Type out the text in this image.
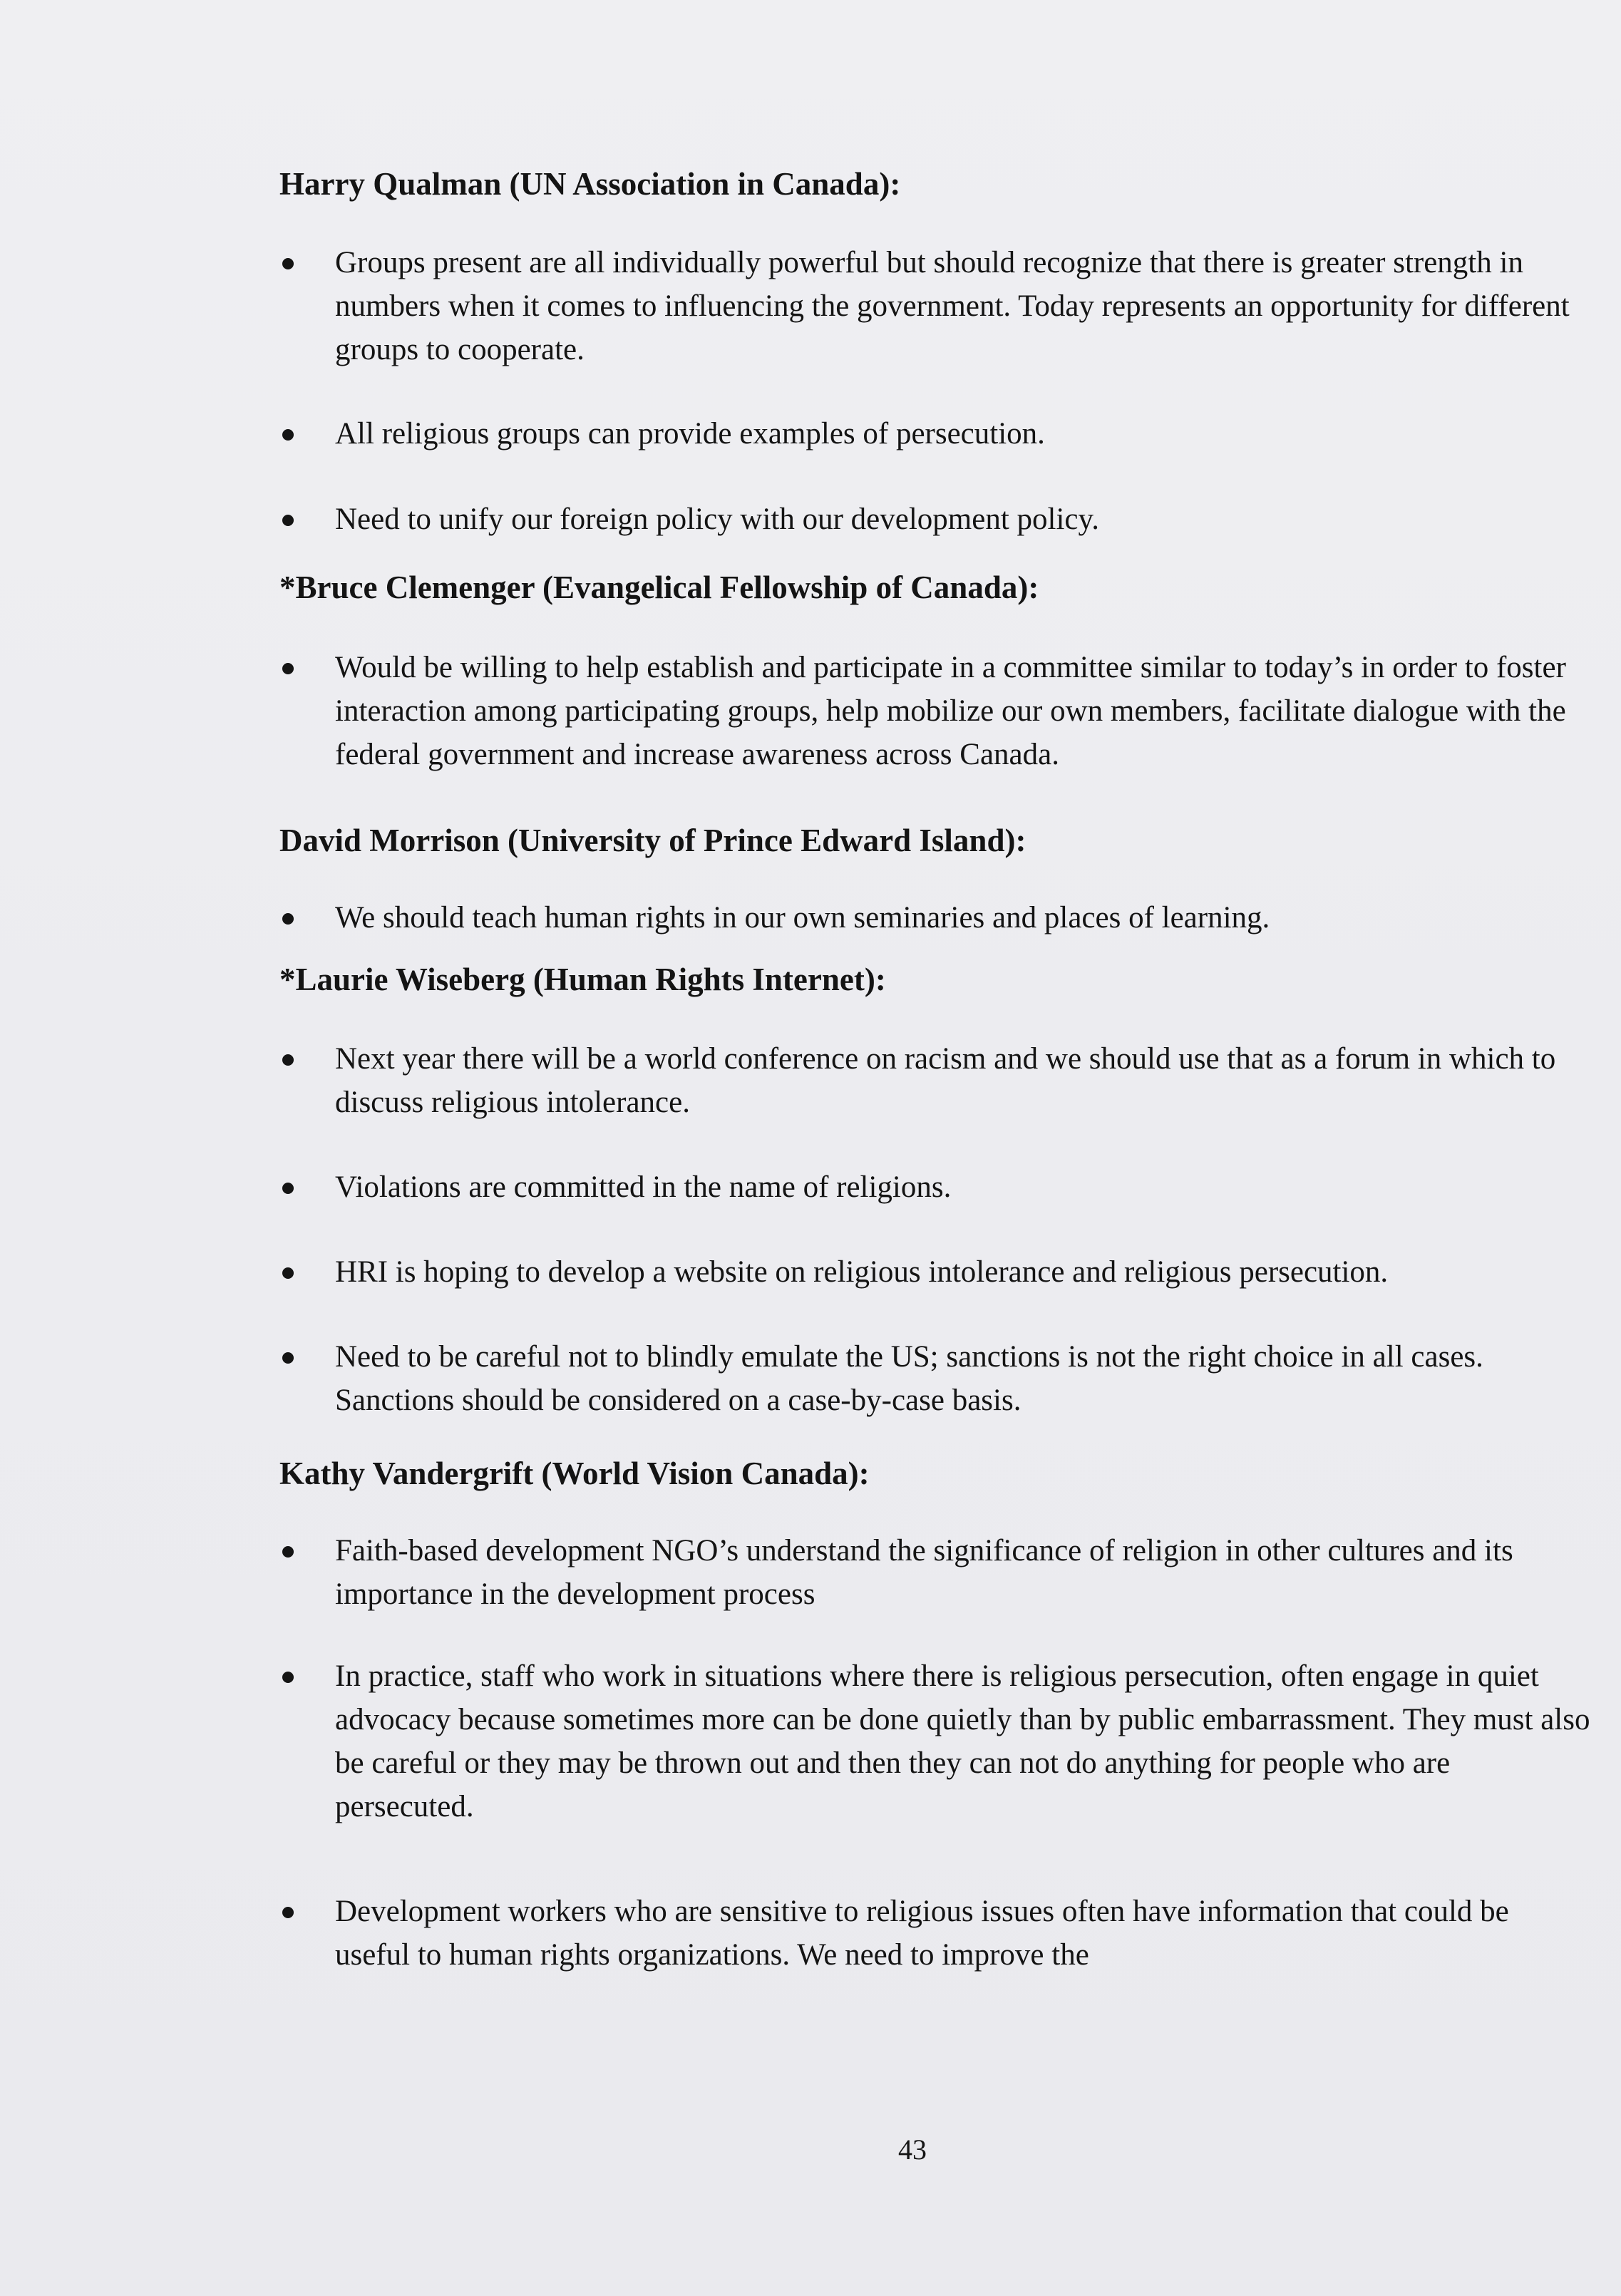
Harry Qualman (UN Association in Canada):
Groups present are all individually powerful but should recognize that there is greater strength in numbers when it comes to influencing the government. Today represents an opportunity for different groups to cooperate.
All religious groups can provide examples of persecution.
Need to unify our foreign policy with our development policy.
*Bruce Clemenger (Evangelical Fellowship of Canada):
Would be willing to help establish and participate in a committee similar to today’s in order to foster interaction among participating groups, help mobilize our own members, facilitate dialogue with the federal government and increase awareness across Canada.
David Morrison (University of Prince Edward Island):
We should teach human rights in our own seminaries and places of learning.
*Laurie Wiseberg (Human Rights Internet):
Next year there will be a world conference on racism and we should use that as a forum in which to discuss religious intolerance.
Violations are committed in the name of religions.
HRI is hoping to develop a website on religious intolerance and religious persecution.
Need to be careful not to blindly emulate the US; sanctions is not the right choice in all cases. Sanctions should be considered on a case-by-case basis.
Kathy Vandergrift (World Vision Canada):
Faith-based development NGO’s understand the significance of religion in other cultures and its importance in the development process
In practice, staff who work in situations where there is religious persecution, often engage in quiet advocacy because sometimes more can be done quietly than by public embarrassment. They must also be careful or they may be thrown out and then they can not do anything for people who are persecuted.
Development workers who are sensitive to religious issues often have information that could be useful to human rights organizations. We need to improve the
43
